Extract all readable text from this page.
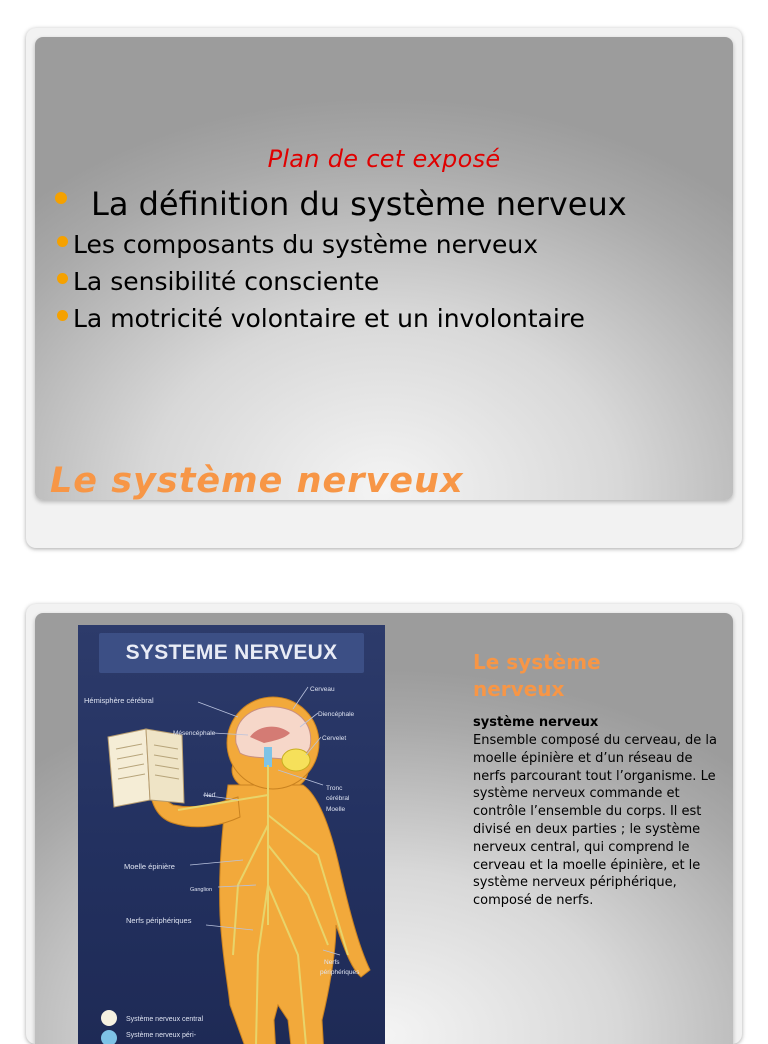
Plan de cet exposé
La définition du système nerveux
Les composants du système nerveux
La sensibilité consciente
La motricité volontaire et un involontaire
Le système nerveux
Hémisphère cérébral
Mésencéphale
Cerveau
Diencéphale
Cervelet
Tronc
cérébral
Moelle
Nerf
Moelle épinière
Ganglion
Nerfs périphériques
Nerfs
périphériques
Système nerveux central
Système nerveux péri-
SYSTEME NERVEUX	Le système nerveux
système nerveux
Ensemble composé du cerveau, de la moelle épinière et d’un réseau de nerfs parcourant tout l’organisme. Le système nerveux commande et contrôle l’ensemble du corps. Il est divisé en deux parties ; le système nerveux central, qui comprend le cerveau et la moelle épinière, et le système nerveux périphérique, composé de nerfs.
